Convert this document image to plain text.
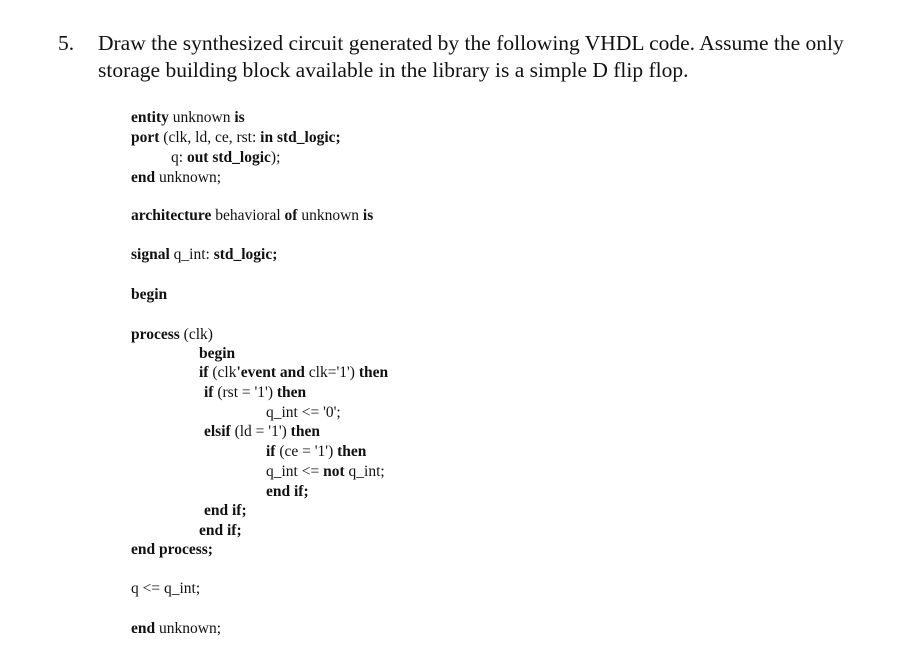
5. Draw the synthesized circuit generated by the following VHDL code. Assume the only storage building block available in the library is a simple D flip flop.
entity unknown is
port (clk, ld, ce, rst: in std_logic;
q: out std_logic);
end unknown;
architecture behavioral of unknown is
signal q_int: std_logic;
begin
process (clk)
begin
if (clk'event and clk='1') then
if (rst = '1') then
q_int <= '0';
elsif (ld = '1') then
if (ce = '1') then
q_int <= not q_int;
end if;
end if;
end if;
end process;
q <= q_int;
end unknown;
